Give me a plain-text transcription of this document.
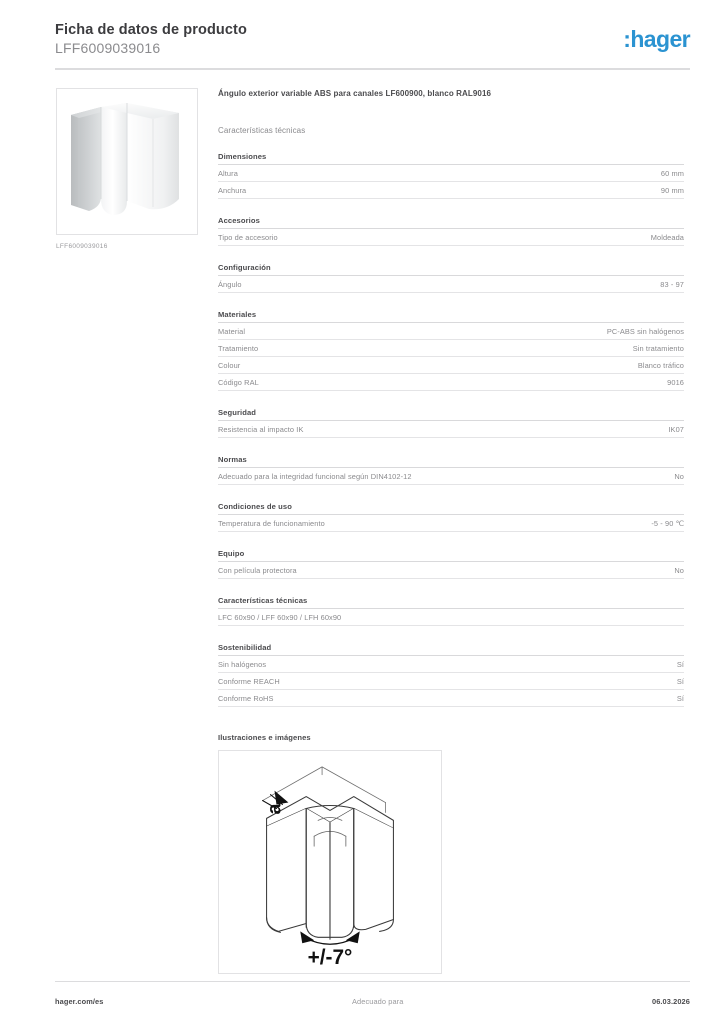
Ficha de datos de producto
LFF6009039016	:hager
LFF6009039016
Ángulo exterior variable ABS para canales LF600900, blanco RAL9016
Características técnicas
Dimensiones
Altura	60 mm
Anchura	90 mm
Accesorios
Tipo de accesorio	Moldeada
Configuración
Ángulo	83 - 97
Materiales
Material	PC-ABS sin halógenos
Tratamiento	Sin tratamiento
Colour	Blanco tráfico
Código RAL	9016
Seguridad
Resistencia al impacto IK	IK07
Normas
Adecuado para la integridad funcional según DIN4102-12	No
Condiciones de uso
Temperatura de funcionamiento	-5 - 90 ℃
Equipo
Con película protectora	No
Características técnicas
LFC 60x90 / LFF 60x90 / LFH 60x90
Sostenibilidad
Sin halógenos	Sí
Conforme REACH	Sí
Conforme RoHS	Sí
Ilustraciones e imágenes
a
+/-7°
hager.com/es	Adecuado para	06.03.2026
